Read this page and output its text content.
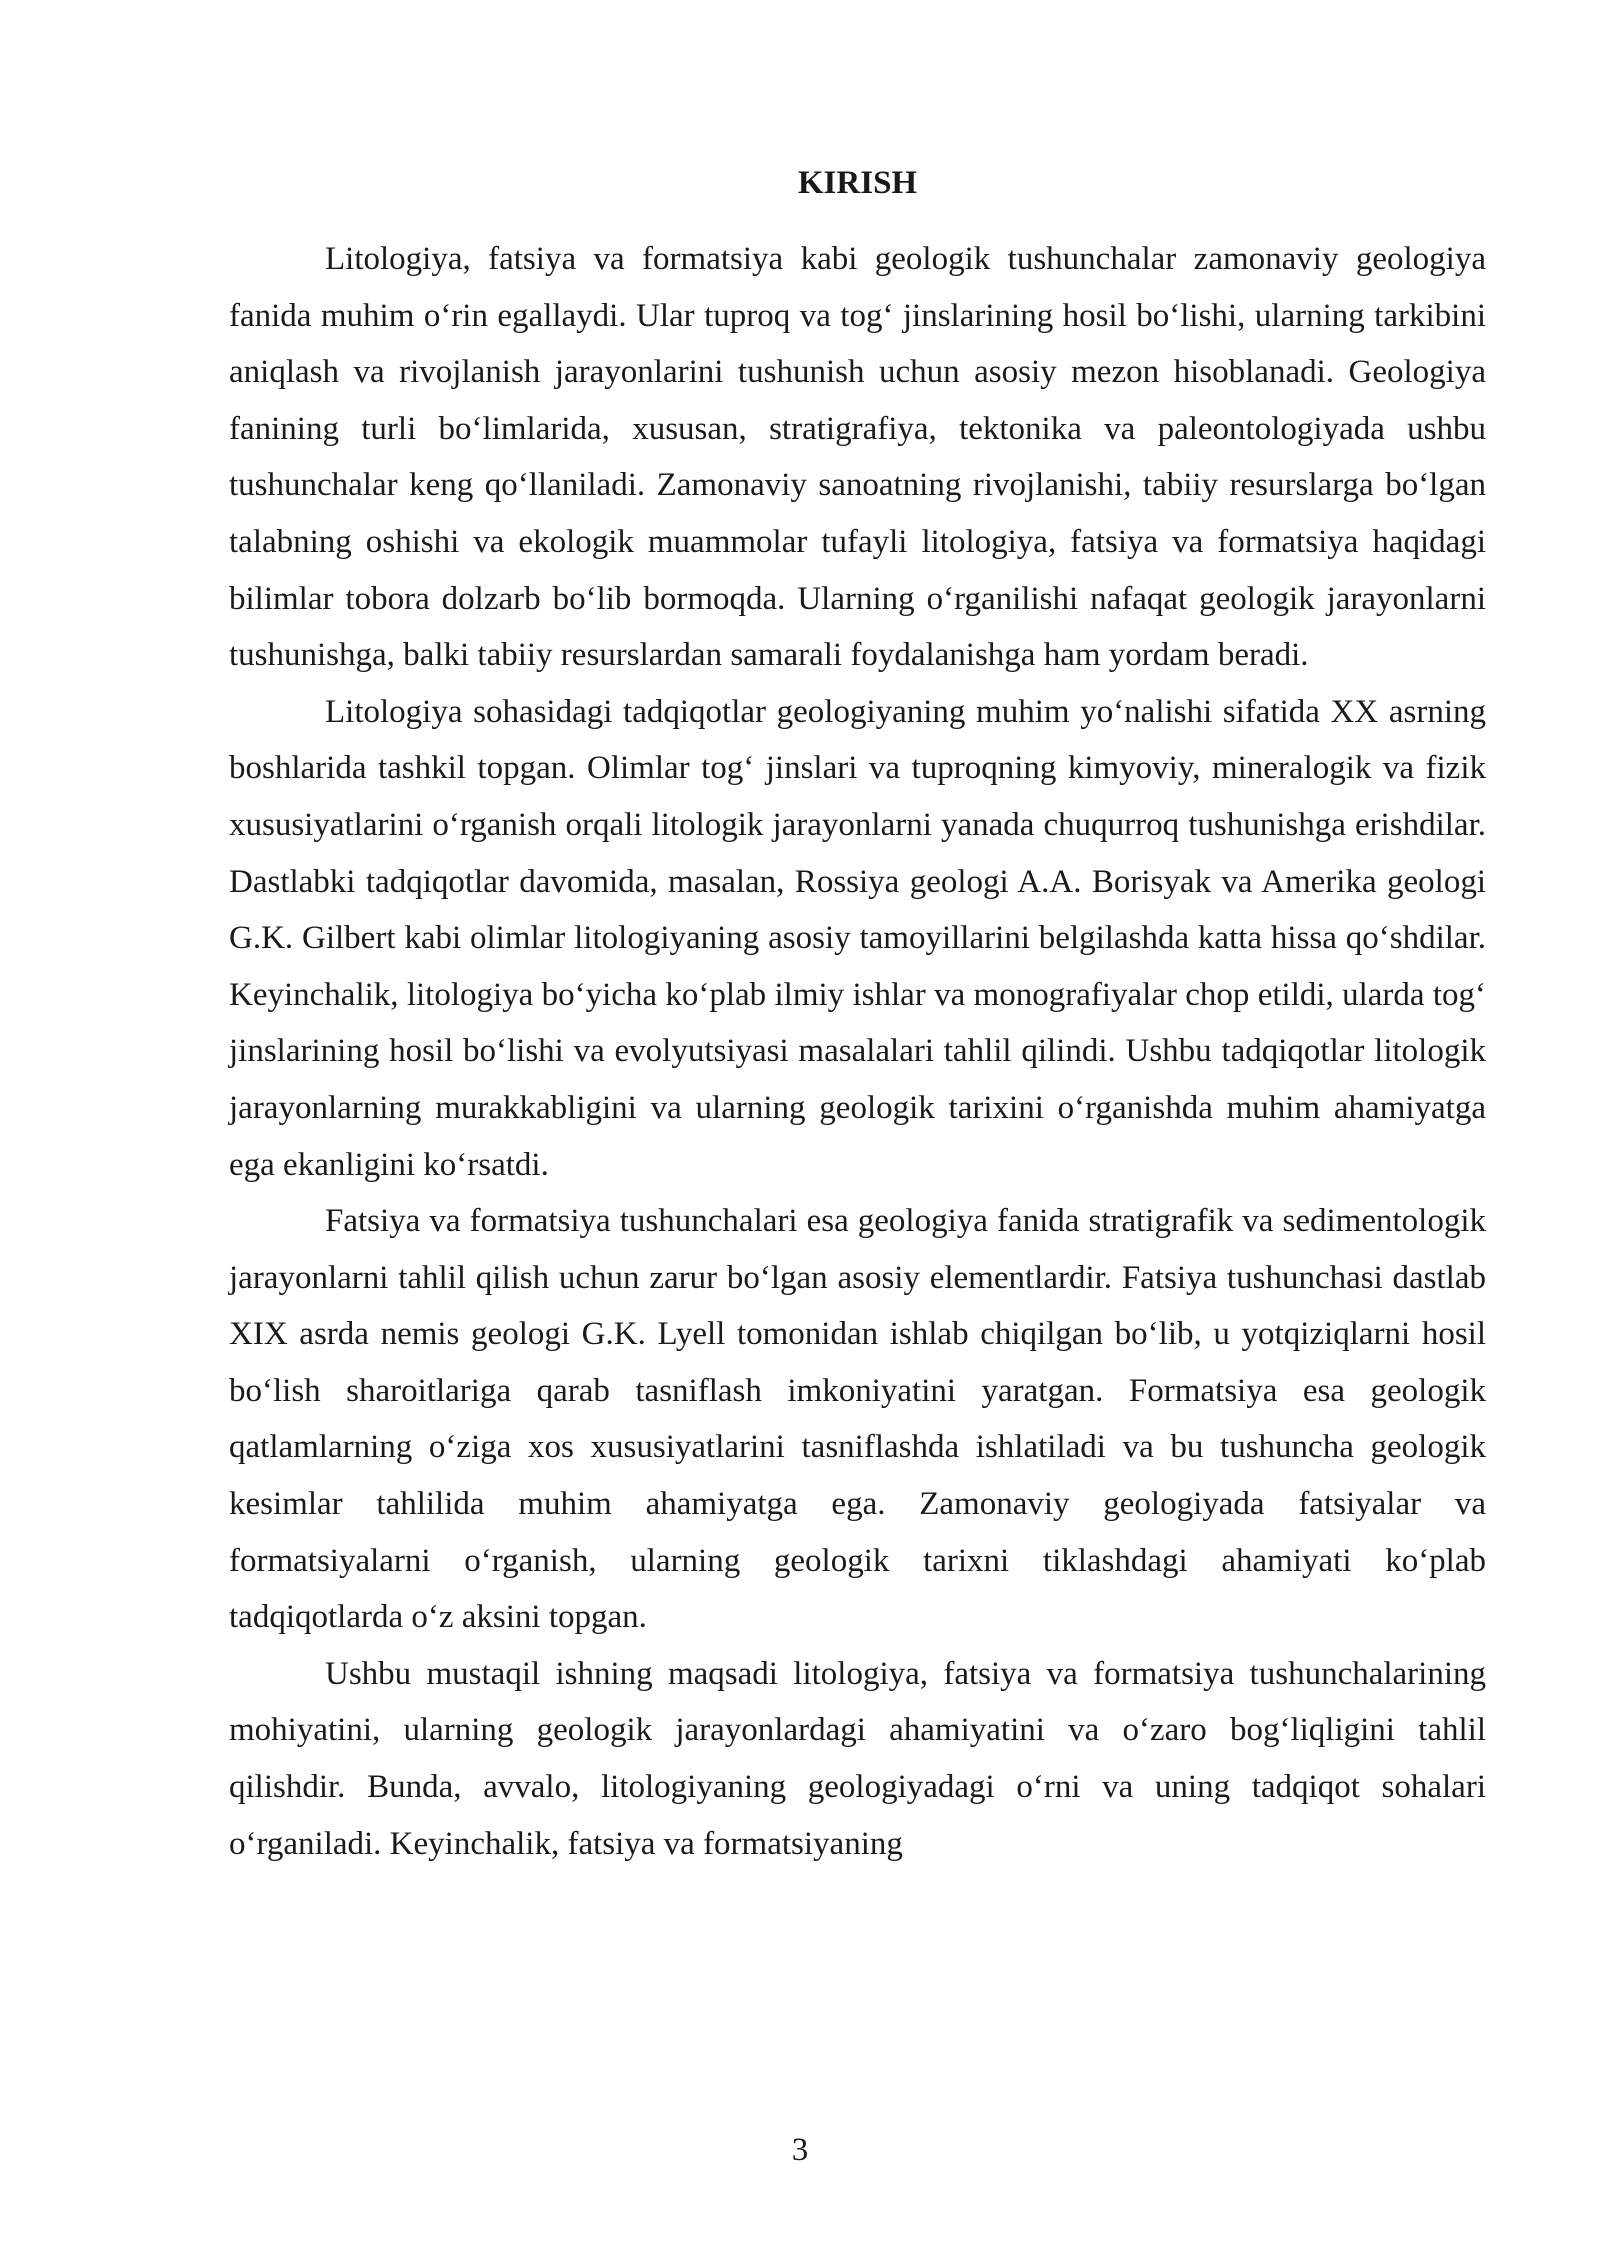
KIRISH

Litologiya, fatsiya va formatsiya kabi geologik tushunchalar zamonaviy geologiya fanida muhim o‘rin egallaydi. Ular tuproq va tog‘ jinslarining hosil bo‘lishi, ularning tarkibini aniqlash va rivojlanish jarayonlarini tushunish uchun asosiy mezon hisoblanadi. Geologiya fanining turli bo‘limlarida, xususan, stratigrafiya, tektonika va paleontologiyada ushbu tushunchalar keng qo‘llaniladi. Zamonaviy sanoatning rivojlanishi, tabiiy resurslarga bo‘lgan talabning oshishi va ekologik muammolar tufayli litologiya, fatsiya va formatsiya haqidagi bilimlar tobora dolzarb bo‘lib bormoqda. Ularning o‘rganilishi nafaqat geologik jarayonlarni tushunishga, balki tabiiy resurslardan samarali foydalanishga ham yordam beradi.

Litologiya sohasidagi tadqiqotlar geologiyaning muhim yo‘nalishi sifatida XX asrning boshlarida tashkil topgan. Olimlar tog‘ jinslari va tuproqning kimyoviy, mineralogik va fizik xususiyatlarini o‘rganish orqali litologik jarayonlarni yanada chuqurroq tushunishga erishdilar. Dastlabki tadqiqotlar davomida, masalan, Rossiya geologi A.A. Borisyak va Amerika geologi G.K. Gilbert kabi olimlar litologiyaning asosiy tamoyillarini belgilashda katta hissa qo‘shdilar. Keyinchalik, litologiya bo‘yicha ko‘plab ilmiy ishlar va monografiyalar chop etildi, ularda tog‘ jinslarining hosil bo‘lishi va evolyutsiyasi masalalari tahlil qilindi. Ushbu tadqiqotlar litologik jarayonlarning murakkabligini va ularning geologik tarixini o‘rganishda muhim ahamiyatga ega ekanligini ko‘rsatdi.

Fatsiya va formatsiya tushunchalari esa geologiya fanida stratigrafik va sedimentologik jarayonlarni tahlil qilish uchun zarur bo‘lgan asosiy elementlardir. Fatsiya tushunchasi dastlab XIX asrda nemis geologi G.K. Lyell tomonidan ishlab chiqilgan bo‘lib, u yotqiziqlarni hosil bo‘lish sharoitlariga qarab tasniflash imkoniyatini yaratgan. Formatsiya esa geologik qatlamlarning o‘ziga xos xususiyatlarini tasniflashda ishlatiladi va bu tushuncha geologik kesimlar tahlilida muhim ahamiyatga ega. Zamonaviy geologiyada fatsiyalar va formatsiyalarni o‘rganish, ularning geologik tarixni tiklashdagi ahamiyati ko‘plab tadqiqotlarda o‘z aksini topgan.

Ushbu mustaqil ishning maqsadi litologiya, fatsiya va formatsiya tushunchalarining mohiyatini, ularning geologik jarayonlardagi ahamiyatini va o‘zaro bog‘liqligini tahlil qilishdir. Bunda, avvalo, litologiyaning geologiyadagi o‘rni va uning tadqiqot sohalari o‘rganiladi. Keyinchalik, fatsiya va formatsiyaning

3
